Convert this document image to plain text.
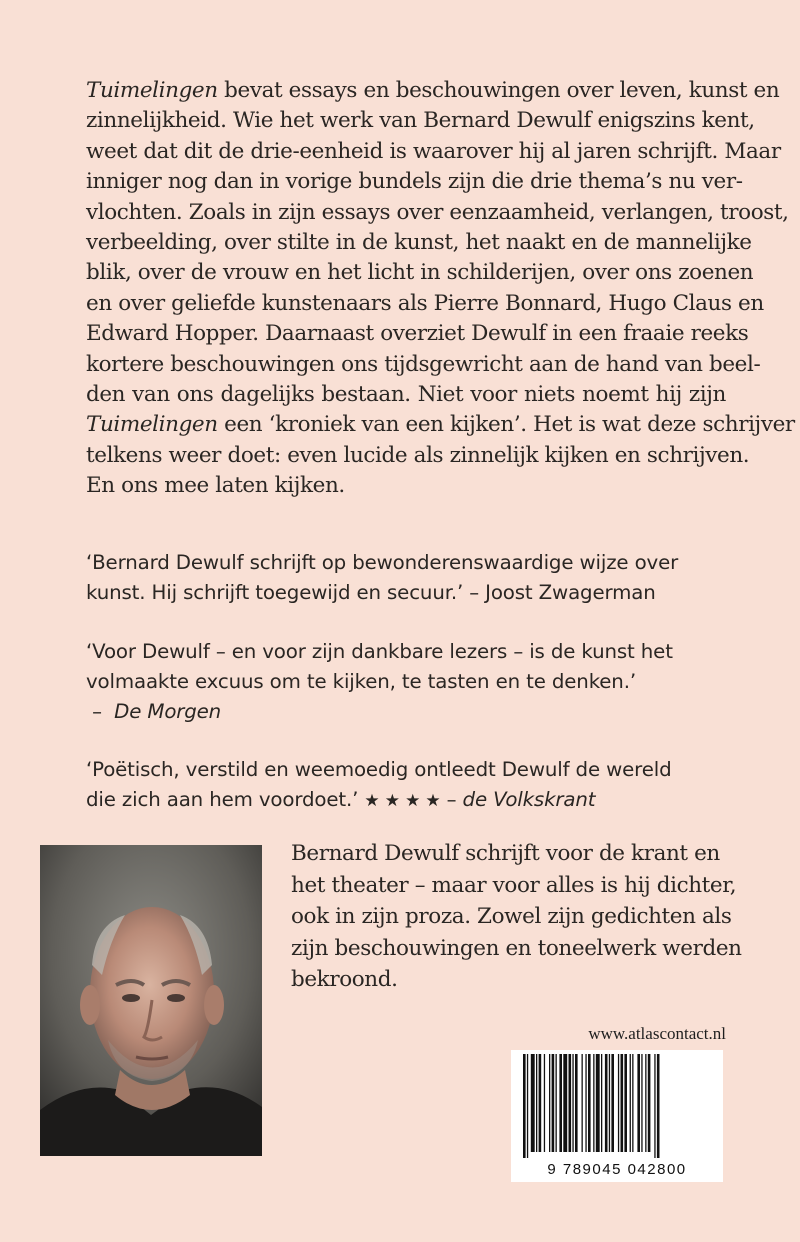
Tuimelingen bevat essays en beschouwingen over leven, kunst en
zinnelijkheid. Wie het werk van Bernard Dewulf enigszins kent,
weet dat dit de drie-eenheid is waarover hij al jaren schrijft. Maar
inniger nog dan in vorige bundels zijn die drie thema’s nu ver-
vlochten. Zoals in zijn essays over eenzaamheid, verlangen, troost,
verbeelding, over stilte in de kunst, het naakt en de mannelijke
blik, over de vrouw en het licht in schilderijen, over ons zoenen
en over geliefde kunstenaars als Pierre Bonnard, Hugo Claus en
Edward Hopper. Daarnaast overziet Dewulf in een fraaie reeks
kortere beschouwingen ons tijdsgewricht aan de hand van beel-
den van ons dagelijks bestaan. Niet voor niets noemt hij zijn
Tuimelingen een ‘kroniek van een kijken’. Het is wat deze schrijver
telkens weer doet: even lucide als zinnelijk kijken en schrijven.
En ons mee laten kijken.
‘Bernard Dewulf schrijft op bewonderenswaardige wijze over
kunst. Hij schrijft toegewijd en secuur.’ – Joost Zwagerman
‘Voor Dewulf – en voor zijn dankbare lezers – is de kunst het
volmaakte excuus om te kijken, te tasten en te denken.’
–  De Morgen
‘Poëtisch, verstild en weemoedig ontleedt Dewulf de wereld
die zich aan hem voordoet.’ ★ ★ ★ ★ – de Volkskrant
Bernard Dewulf schrijft voor de krant en
het theater – maar voor alles is hij dichter,
ook in zijn proza. Zowel zijn gedichten als
zijn beschouwingen en toneelwerk werden
bekroond.
www.atlascontact.nl
9 789045 042800
